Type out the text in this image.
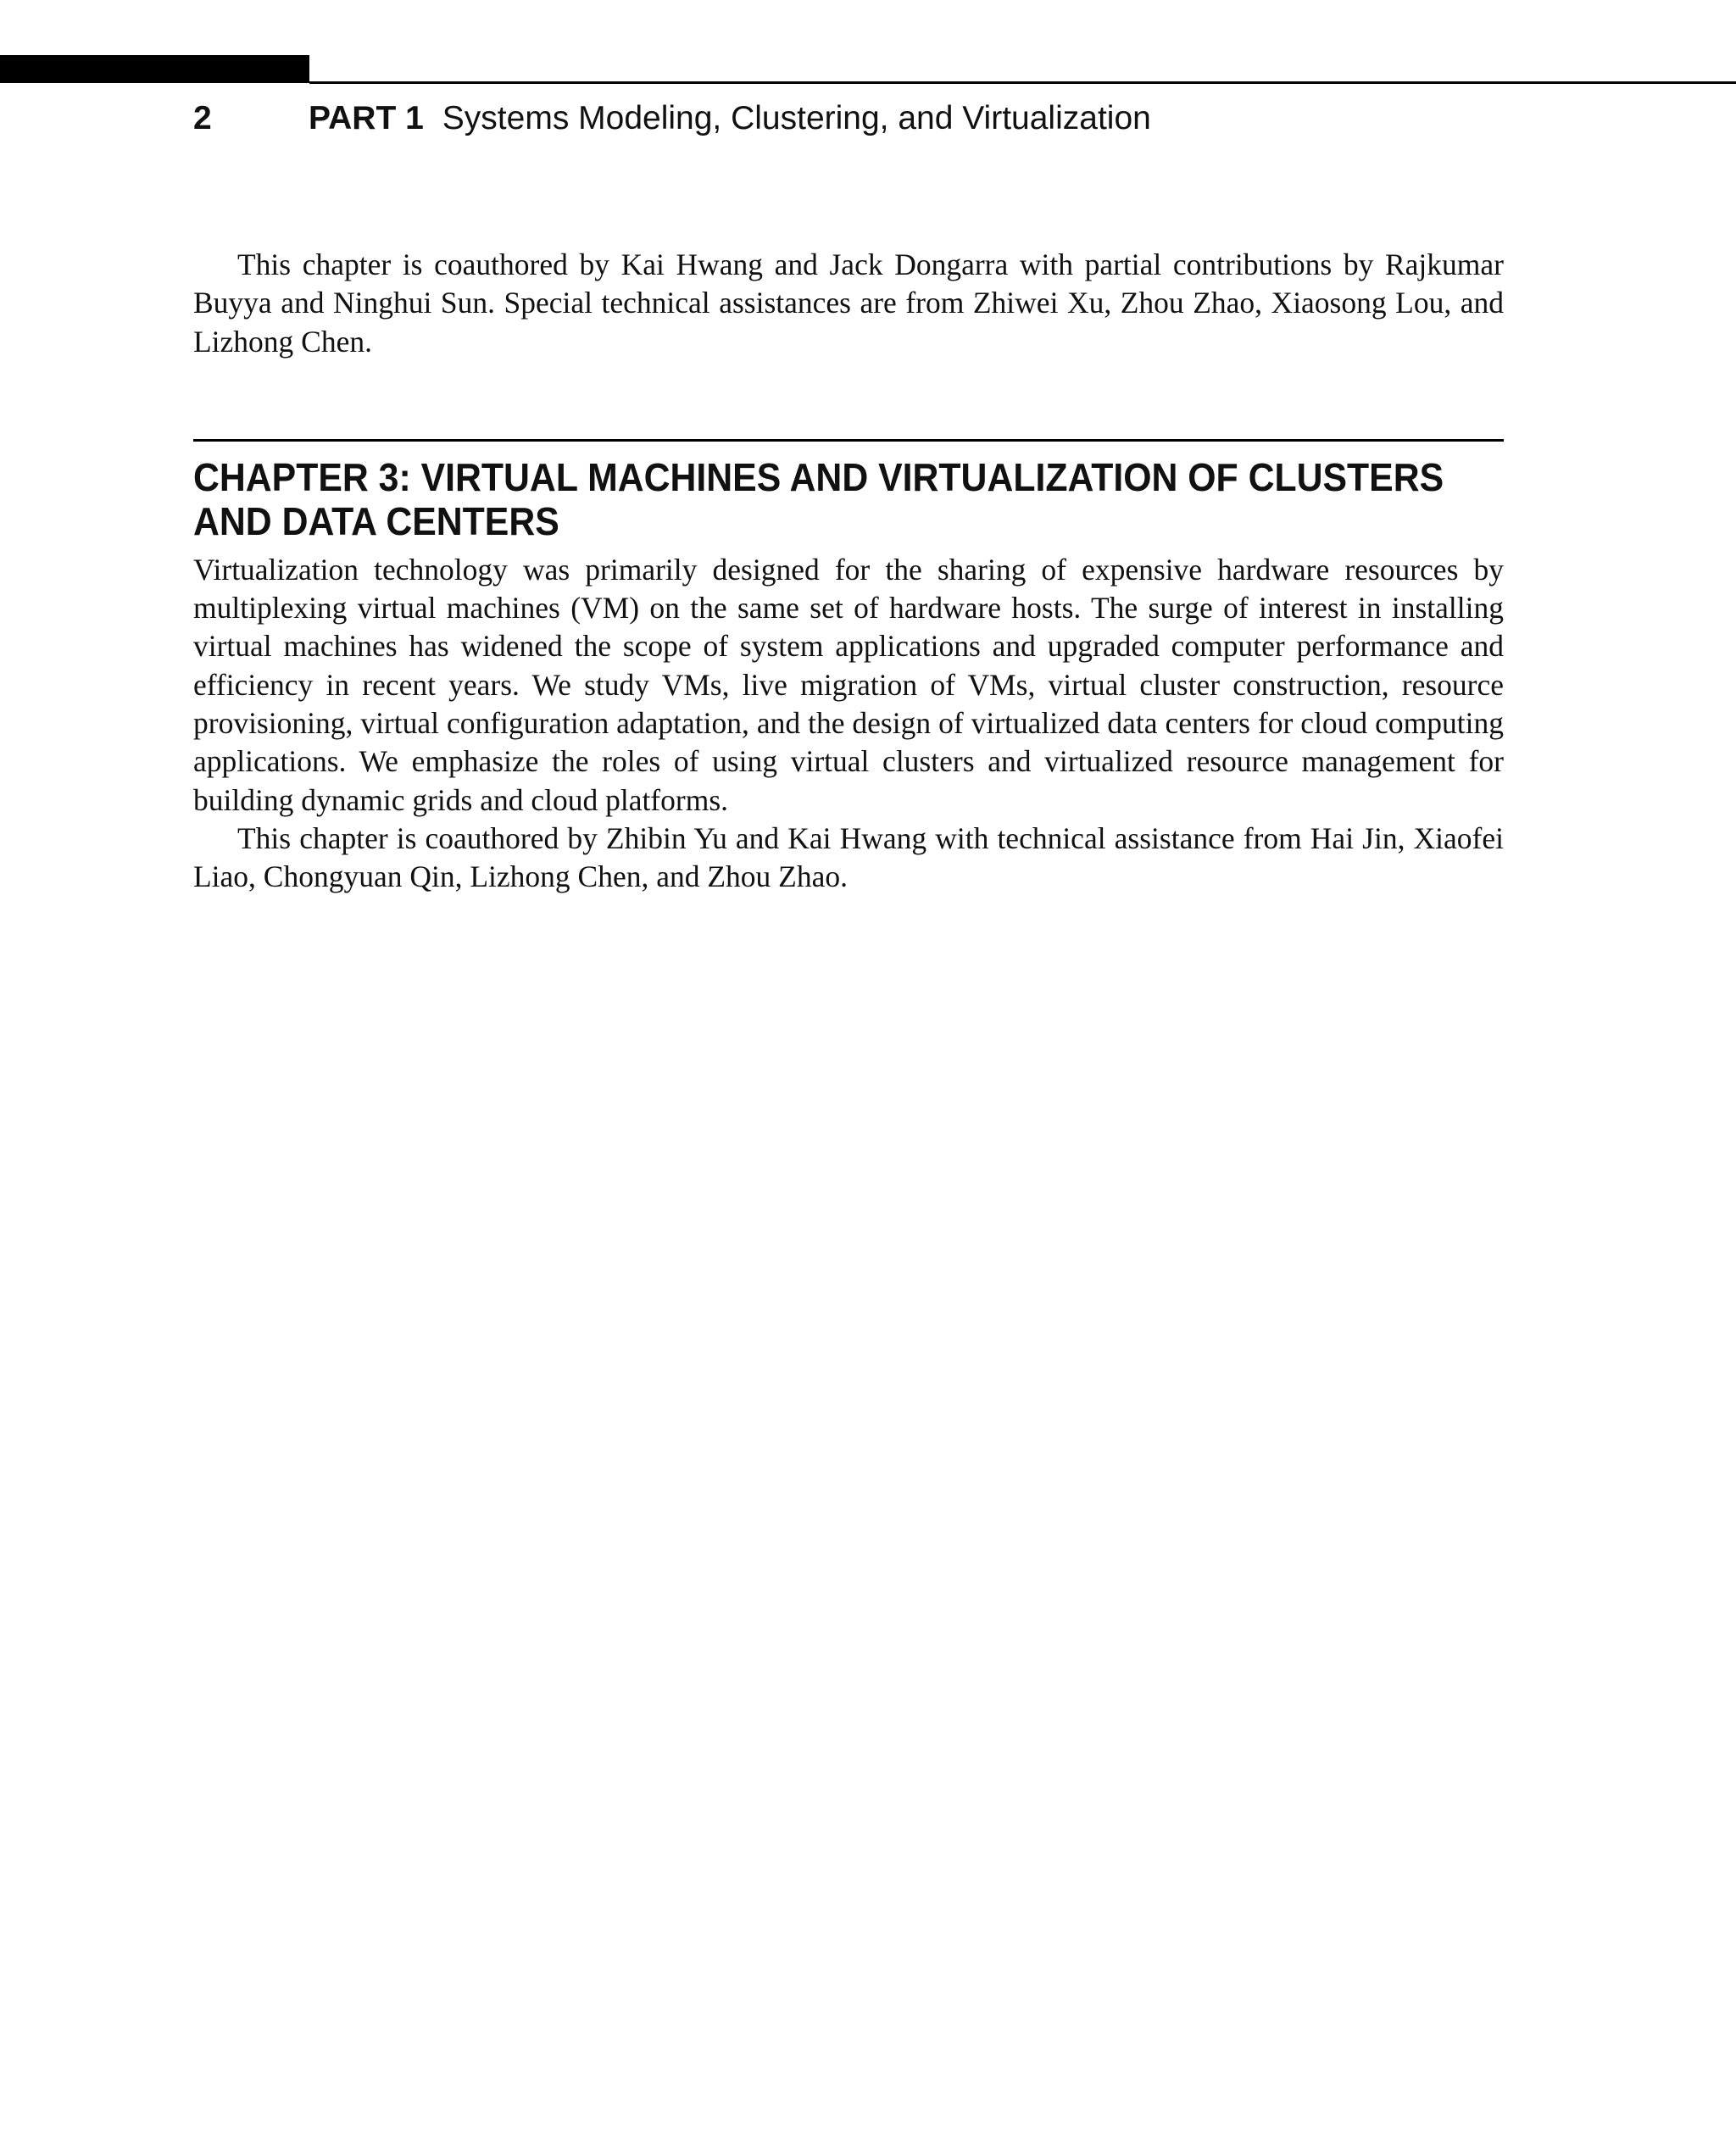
2	PART 1 Systems Modeling, Clustering, and Virtualization

This chapter is coauthored by Kai Hwang and Jack Dongarra with partial contributions by Rajkumar Buyya and Ninghui Sun. Special technical assistances are from Zhiwei Xu, Zhou Zhao, Xiaosong Lou, and Lizhong Chen.

CHAPTER 3: VIRTUAL MACHINES AND VIRTUALIZATION OF CLUSTERS AND DATA CENTERS

Virtualization technology was primarily designed for the sharing of expensive hardware resources by multiplexing virtual machines (VM) on the same set of hardware hosts. The surge of interest in installing virtual machines has widened the scope of system applications and upgraded computer performance and efficiency in recent years. We study VMs, live migration of VMs, virtual cluster construction, resource provisioning, virtual configuration adaptation, and the design of virtualized data centers for cloud computing applications. We emphasize the roles of using virtual clusters and virtualized resource management for building dynamic grids and cloud platforms.

This chapter is coauthored by Zhibin Yu and Kai Hwang with technical assistance from Hai Jin, Xiaofei Liao, Chongyuan Qin, Lizhong Chen, and Zhou Zhao.
